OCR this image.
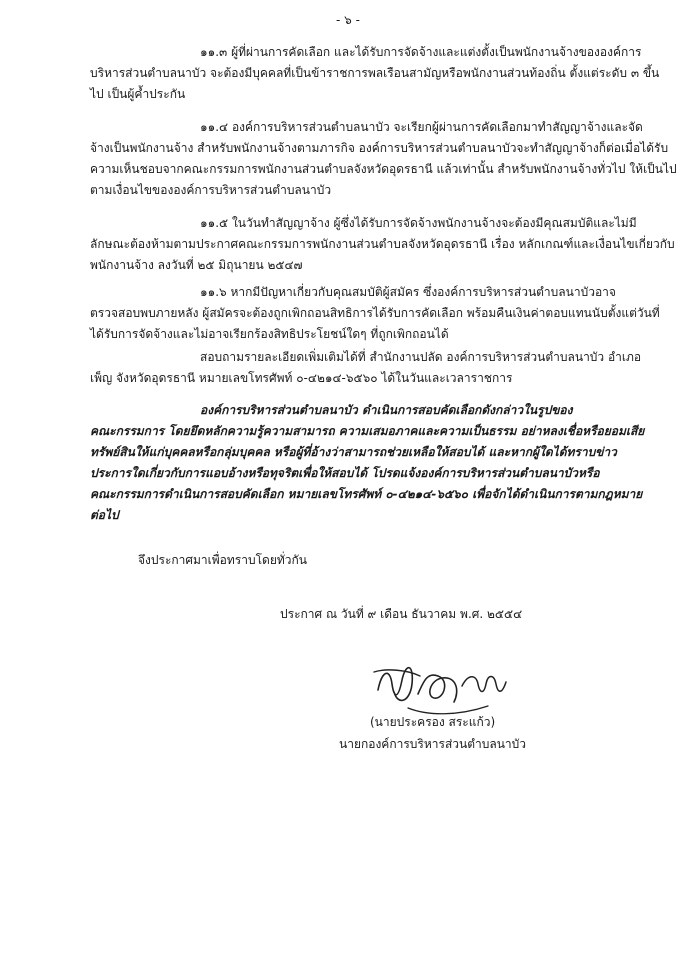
- ๖ -
๑๑.๓ ผู้ที่ผ่านการคัดเลือก และได้รับการจัดจ้างและแต่งตั้งเป็นพนักงานจ้างขององค์การ
บริหารส่วนตำบลนาบัว จะต้องมีบุคคลที่เป็นข้าราชการพลเรือนสามัญหรือพนักงานส่วนท้องถิ่น ตั้งแต่ระดับ ๓ ขึ้น
ไป เป็นผู้ค้ำประกัน
๑๑.๔ องค์การบริหารส่วนตำบลนาบัว จะเรียกผู้ผ่านการคัดเลือกมาทำสัญญาจ้างและจัด
จ้างเป็นพนักงานจ้าง สำหรับพนักงานจ้างตามภารกิจ องค์การบริหารส่วนตำบลนาบัวจะทำสัญญาจ้างก็ต่อเมื่อได้รับ
ความเห็นชอบจากคณะกรรมการพนักงานส่วนตำบลจังหวัดอุดรธานี แล้วเท่านั้น สำหรับพนักงานจ้างทั่วไป ให้เป็นไป
ตามเงื่อนไขขององค์การบริหารส่วนตำบลนาบัว
๑๑.๕ ในวันทำสัญญาจ้าง ผู้ซึ่งได้รับการจัดจ้างพนักงานจ้างจะต้องมีคุณสมบัติและไม่มี
ลักษณะต้องห้ามตามประกาศคณะกรรมการพนักงานส่วนตำบลจังหวัดอุดรธานี เรื่อง หลักเกณฑ์และเงื่อนไขเกี่ยวกับ
พนักงานจ้าง ลงวันที่ ๒๕ มิถุนายน ๒๕๔๗
๑๑.๖ หากมีปัญหาเกี่ยวกับคุณสมบัติผู้สมัคร ซึ่งองค์การบริหารส่วนตำบลนาบัวอาจ
ตรวจสอบพบภายหลัง ผู้สมัครจะต้องถูกเพิกถอนสิทธิการได้รับการคัดเลือก พร้อมคืนเงินค่าตอบแทนนับตั้งแต่วันที่
ได้รับการจัดจ้างและไม่อาจเรียกร้องสิทธิประโยชน์ใดๆ ที่ถูกเพิกถอนได้
สอบถามรายละเอียดเพิ่มเติมได้ที่ สำนักงานปลัด องค์การบริหารส่วนตำบลนาบัว อำเภอ
เพ็ญ จังหวัดอุดรธานี หมายเลขโทรศัพท์ ๐-๔๒๑๔-๖๕๖๐ ได้ในวันและเวลาราชการ
องค์การบริหารส่วนตำบลนาบัว ดำเนินการสอบคัดเลือกดังกล่าวในรูปของ
คณะกรรมการ โดยยึดหลักความรู้ความสามารถ ความเสมอภาคและความเป็นธรรม อย่าหลงเชื่อหรือยอมเสีย
ทรัพย์สินให้แก่บุคคลหรือกลุ่มบุคคล หรือผู้ที่อ้างว่าสามารถช่วยเหลือให้สอบได้ และหากผู้ใดได้ทราบข่าว
ประการใดเกี่ยวกับการแอบอ้างหรือทุจริตเพื่อให้สอบได้ โปรดแจ้งองค์การบริหารส่วนตำบลนาบัวหรือ
คณะกรรมการดำเนินการสอบคัดเลือก หมายเลขโทรศัพท์ ๐-๔๒๑๔-๖๕๖๐ เพื่อจักได้ดำเนินการตามกฎหมาย
ต่อไป
จึงประกาศมาเพื่อทราบโดยทั่วกัน
ประกาศ ณ วันที่ ๙ เดือน ธันวาคม พ.ศ. ๒๕๕๔
(นายประครอง สระแก้ว)
นายกองค์การบริหารส่วนตำบลนาบัว
